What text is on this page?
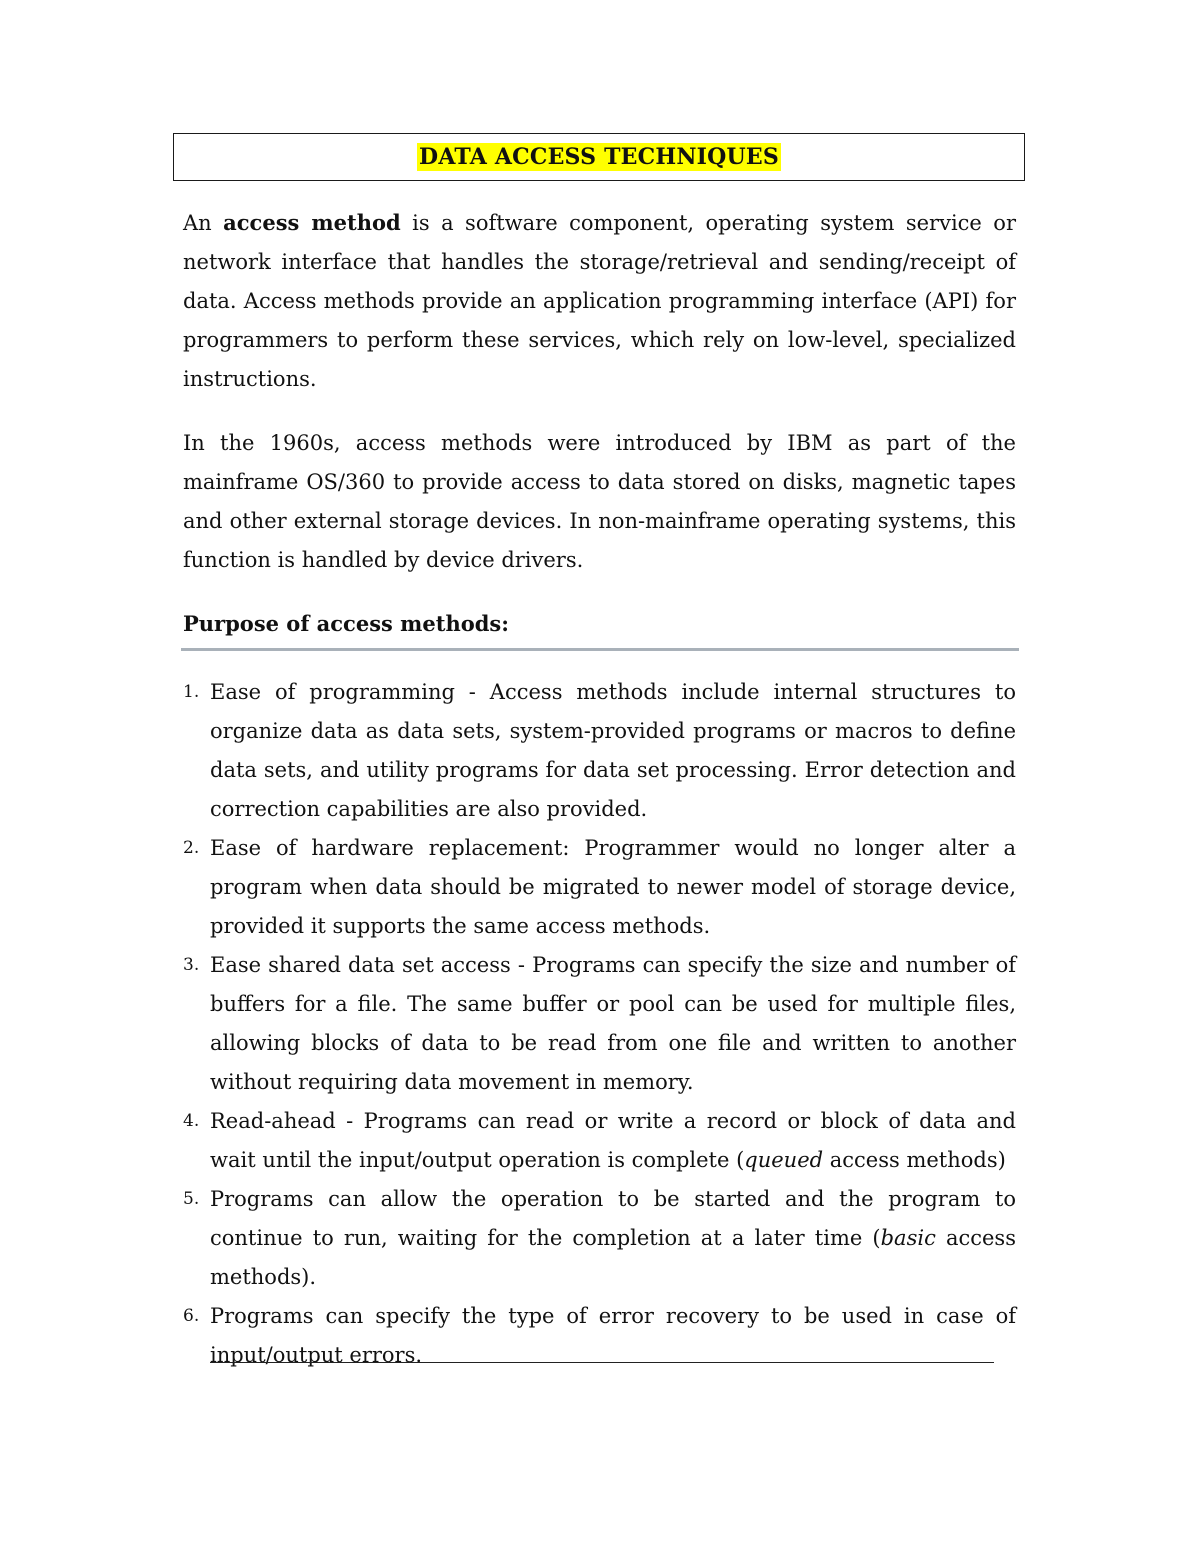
DATA ACCESS TECHNIQUES

An access method is a software component, operating system service or network interface that handles the storage/retrieval and sending/receipt of data. Access methods provide an application programming interface (API) for programmers to perform these services, which rely on low-level, specialized instructions.

In the 1960s, access methods were introduced by IBM as part of the mainframe OS/360 to provide access to data stored on disks, magnetic tapes and other external storage devices. In non-mainframe operating systems, this function is handled by device drivers.

Purpose of access methods:
1. Ease of programming - Access methods include internal structures to organize data as data sets, system-provided programs or macros to define data sets, and utility programs for data set processing. Error detection and correction capabilities are also provided.
2. Ease of hardware replacement: Programmer would no longer alter a program when data should be migrated to newer model of storage device, provided it supports the same access methods.
3. Ease shared data set access - Programs can specify the size and number of buffers for a file. The same buffer or pool can be used for multiple files, allowing blocks of data to be read from one file and written to another without requiring data movement in memory.
4. Read-ahead - Programs can read or write a record or block of data and wait until the input/output operation is complete (queued access methods)
5. Programs can allow the operation to be started and the program to continue to run, waiting for the completion at a later time (basic access methods).
6. Programs can specify the type of error recovery to be used in case of input/output errors.
